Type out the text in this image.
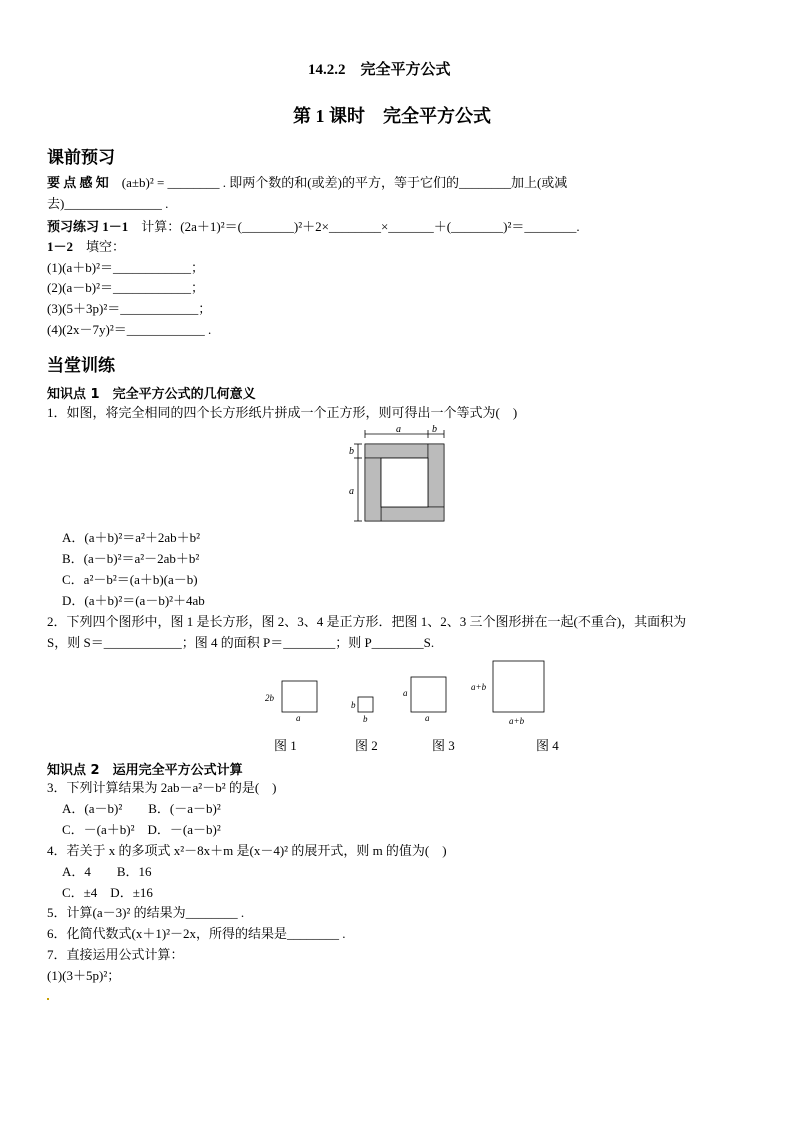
14.2.2　完全平方公式
第 1 课时　完全平方公式
课前预习
要 点 感 知　(a±b)² = ________ . 即两个数的和(或差)的平方，等于它们的________加上(或减
去)_______________ .
预习练习 1－1　计算：(2a＋1)²＝(________)²＋2×________×_______＋(________)²＝________.
1－2　填空：
(1)(a＋b)²＝____________；
(2)(a－b)²＝____________；
(3)(5＋3p)²＝____________；
(4)(2x－7y)²＝____________ .
当堂训练
知识点 1　完全平方公式的几何意义
1．如图，将完全相同的四个长方形纸片拼成一个正方形，则可得出一个等式为(　)
a	b
b
a
A．(a＋b)²＝a²＋2ab＋b²
B．(a－b)²＝a²－2ab＋b²
C．a²－b²＝(a＋b)(a－b)
D．(a＋b)²＝(a－b)²＋4ab
2．下列四个图形中，图 1 是长方形，图 2、3、4 是正方形．把图 1、2、3 三个图形拼在一起(不重合)，其面积为
S，则 S＝____________；图 4 的面积 P＝________；则 P________S.
2b
a
b
b
a
a
a+b
a+b
图 1	图 2	图 3	图 4
知识点 2　运用完全平方公式计算
3．下列计算结果为 2ab－a²－b² 的是(　)
A．(a－b)²　　B．(－a－b)²
C．－(a＋b)²　D．－(a－b)²
4．若关于 x 的多项式 x²－8x＋m 是(x－4)² 的展开式，则 m 的值为(　)
A．4　　B．16
C．±4　D．±16
5．计算(a－3)² 的结果为________ .
6．化简代数式(x＋1)²－2x，所得的结果是________ .
7．直接运用公式计算：
(1)(3＋5p)²；
